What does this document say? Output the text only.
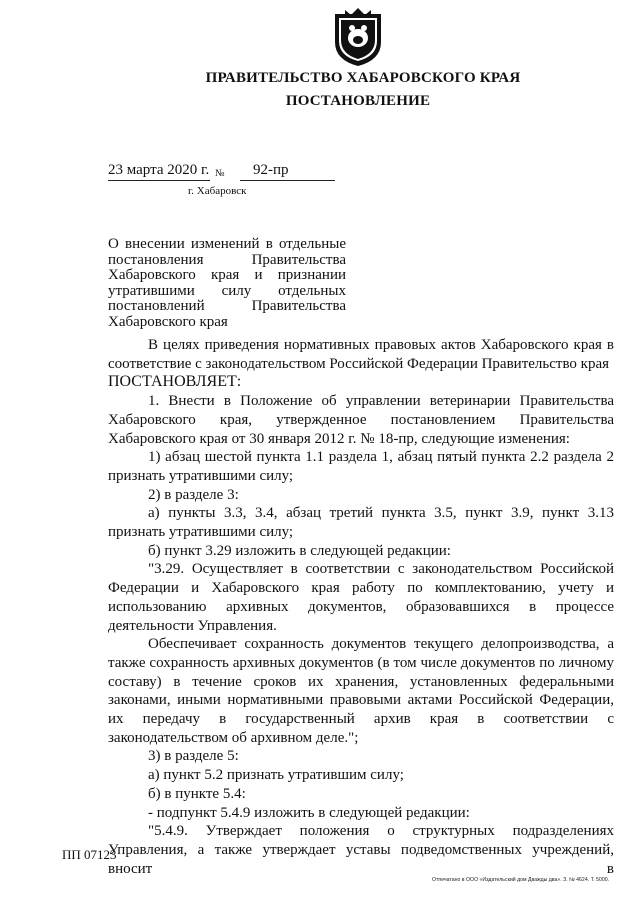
ПРАВИТЕЛЬСТВО ХАБАРОВСКОГО КРАЯ
ПОСТАНОВЛЕНИЕ
23 марта 2020 г. № 92-пр
г. Хабаровск
О внесении изменений в отдельные постановления Правительства Хабаровского края и признании утратившими силу отдельных постановлений Правительства Хабаровского края

В целях приведения нормативных правовых актов Хабаровского края в соответствие с законодательством Российской Федерации Правительство края

ПОСТАНОВЛЯЕТ:

1. Внести в Положение об управлении ветеринарии Правительства Хабаровского края, утвержденное постановлением Правительства Хабаровского края от 30 января 2012 г. № 18-пр, следующие изменения:

1) абзац шестой пункта 1.1 раздела 1, абзац пятый пункта 2.2 раздела 2 признать утратившими силу;

2) в разделе 3:

а) пункты 3.3, 3.4, абзац третий пункта 3.5, пункт 3.9, пункт 3.13 признать утратившими силу;

б) пункт 3.29 изложить в следующей редакции:

"3.29. Осуществляет в соответствии с законодательством Российской Федерации и Хабаровского края работу по комплектованию, учету и использованию архивных документов, образовавшихся в процессе деятельности Управления.

Обеспечивает сохранность документов текущего делопроизводства, а также сохранность архивных документов (в том числе документов по личному составу) в течение сроков их хранения, установленных федеральными законами, иными нормативными правовыми актами Российской Федерации, их передачу в государственный архив края в соответствии с законодательством об архивном деле.";

3) в разделе 5:

а) пункт 5.2 признать утратившим силу;

б) в пункте 5.4:

- подпункт 5.4.9 изложить в следующей редакции:

"5.4.9. Утверждает положения о структурных подразделениях Управления, а также утверждает уставы подведомственных учреждений, вносит в

ПП 07123
Отпечатано в ООО «Издательский дом Дважды два». З. № 4624. Т. 5000.
